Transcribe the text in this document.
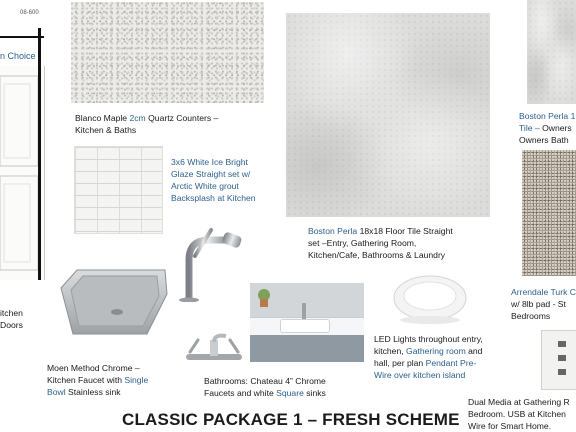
08-600
n Choice
itchen
Doors
Blanco Maple 2cm Quartz Counters –
Kitchen & Baths
3x6 White Ice Bright
Glaze Straight set w/
Arctic White grout
Backsplash at Kitchen
Boston Perla 18x18 Floor Tile Straight
set –Entry, Gathering Room,
Kitchen/Cafe, Bathrooms & Laundry
Boston Perla 1
Tile – Owners
Owners Bath
Arrendale Turk C
w/ 8lb pad - St
Bedrooms
Moen Method Chrome –
Kitchen Faucet with Single
Bowl Stainless sink
Bathrooms: Chateau 4” Chrome
Faucets and white Square sinks
LED Lights throughout entry,
kitchen, Gathering room and
hall, per plan Pendant Pre-
Wire over kitchen island
Dual Media at Gathering R
Bedroom. USB at Kitchen
Wire for Smart Home.
CLASSIC PACKAGE 1 – FRESH SCHEME
